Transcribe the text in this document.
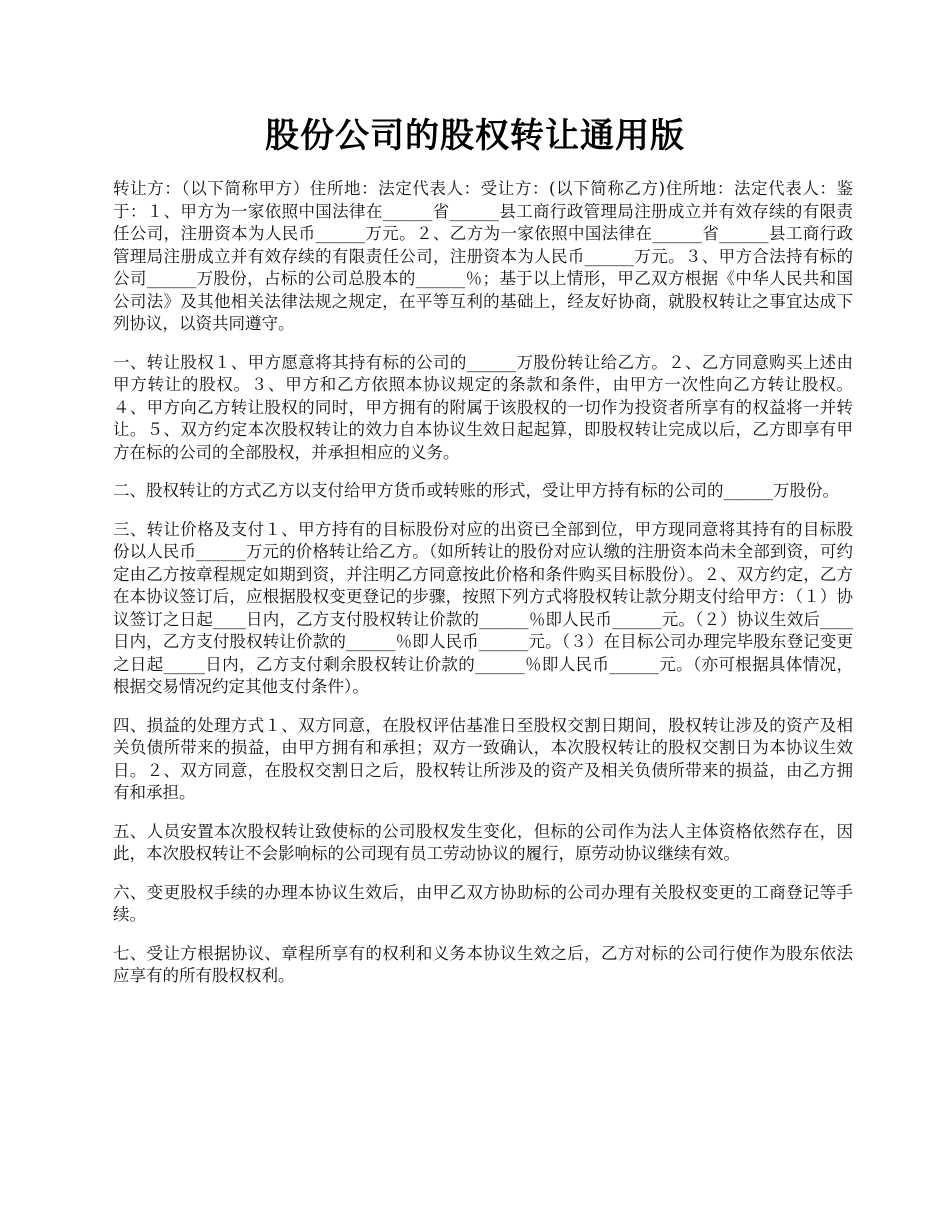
股份公司的股权转让通用版

转让方：（以下简称甲方）住所地：法定代表人：受让方：(以下简称乙方)住所地：法定代表人：鉴于：１、甲方为一家依照中国法律在______省______县工商行政管理局注册成立并有效存续的有限责任公司，注册资本为人民币______万元。２、乙方为一家依照中国法律在______省______县工商行政管理局注册成立并有效存续的有限责任公司，注册资本为人民币______万元。３、甲方合法持有标的公司______万股份，占标的公司总股本的______％；基于以上情形，甲乙双方根据《中华人民共和国公司法》及其他相关法律法规之规定，在平等互利的基础上，经友好协商，就股权转让之事宜达成下列协议，以资共同遵守。

一、转让股权１、甲方愿意将其持有标的公司的______万股份转让给乙方。２、乙方同意购买上述由甲方转让的股权。３、甲方和乙方依照本协议规定的条款和条件，由甲方一次性向乙方转让股权。４、甲方向乙方转让股权的同时，甲方拥有的附属于该股权的一切作为投资者所享有的权益将一并转让。５、双方约定本次股权转让的效力自本协议生效日起起算，即股权转让完成以后，乙方即享有甲方在标的公司的全部股权，并承担相应的义务。

二、股权转让的方式乙方以支付给甲方货币或转账的形式，受让甲方持有标的公司的______万股份。

三、转让价格及支付１、甲方持有的目标股份对应的出资已全部到位，甲方现同意将其持有的目标股份以人民币______万元的价格转让给乙方。（如所转让的股份对应认缴的注册资本尚未全部到资，可约定由乙方按章程规定如期到资，并注明乙方同意按此价格和条件购买目标股份）。２、双方约定，乙方在本协议签订后，应根据股权变更登记的步骤，按照下列方式将股权转让款分期支付给甲方：（１）协议签订之日起____日内，乙方支付股权转让价款的______％即人民币______元。（２）协议生效后____日内，乙方支付股权转让价款的______％即人民币______元。（３）在目标公司办理完毕股东登记变更之日起_____日内，乙方支付剩余股权转让价款的______％即人民币______元。（亦可根据具体情况，根据交易情况约定其他支付条件）。

四、损益的处理方式１、双方同意，在股权评估基准日至股权交割日期间，股权转让涉及的资产及相关负债所带来的损益，由甲方拥有和承担；双方一致确认，本次股权转让的股权交割日为本协议生效日。２、双方同意，在股权交割日之后，股权转让所涉及的资产及相关负债所带来的损益，由乙方拥有和承担。

五、人员安置本次股权转让致使标的公司股权发生变化，但标的公司作为法人主体资格依然存在，因此，本次股权转让不会影响标的公司现有员工劳动协议的履行，原劳动协议继续有效。

六、变更股权手续的办理本协议生效后，由甲乙双方协助标的公司办理有关股权变更的工商登记等手续。

七、受让方根据协议、章程所享有的权利和义务本协议生效之后，乙方对标的公司行使作为股东依法应享有的所有股权权利。
